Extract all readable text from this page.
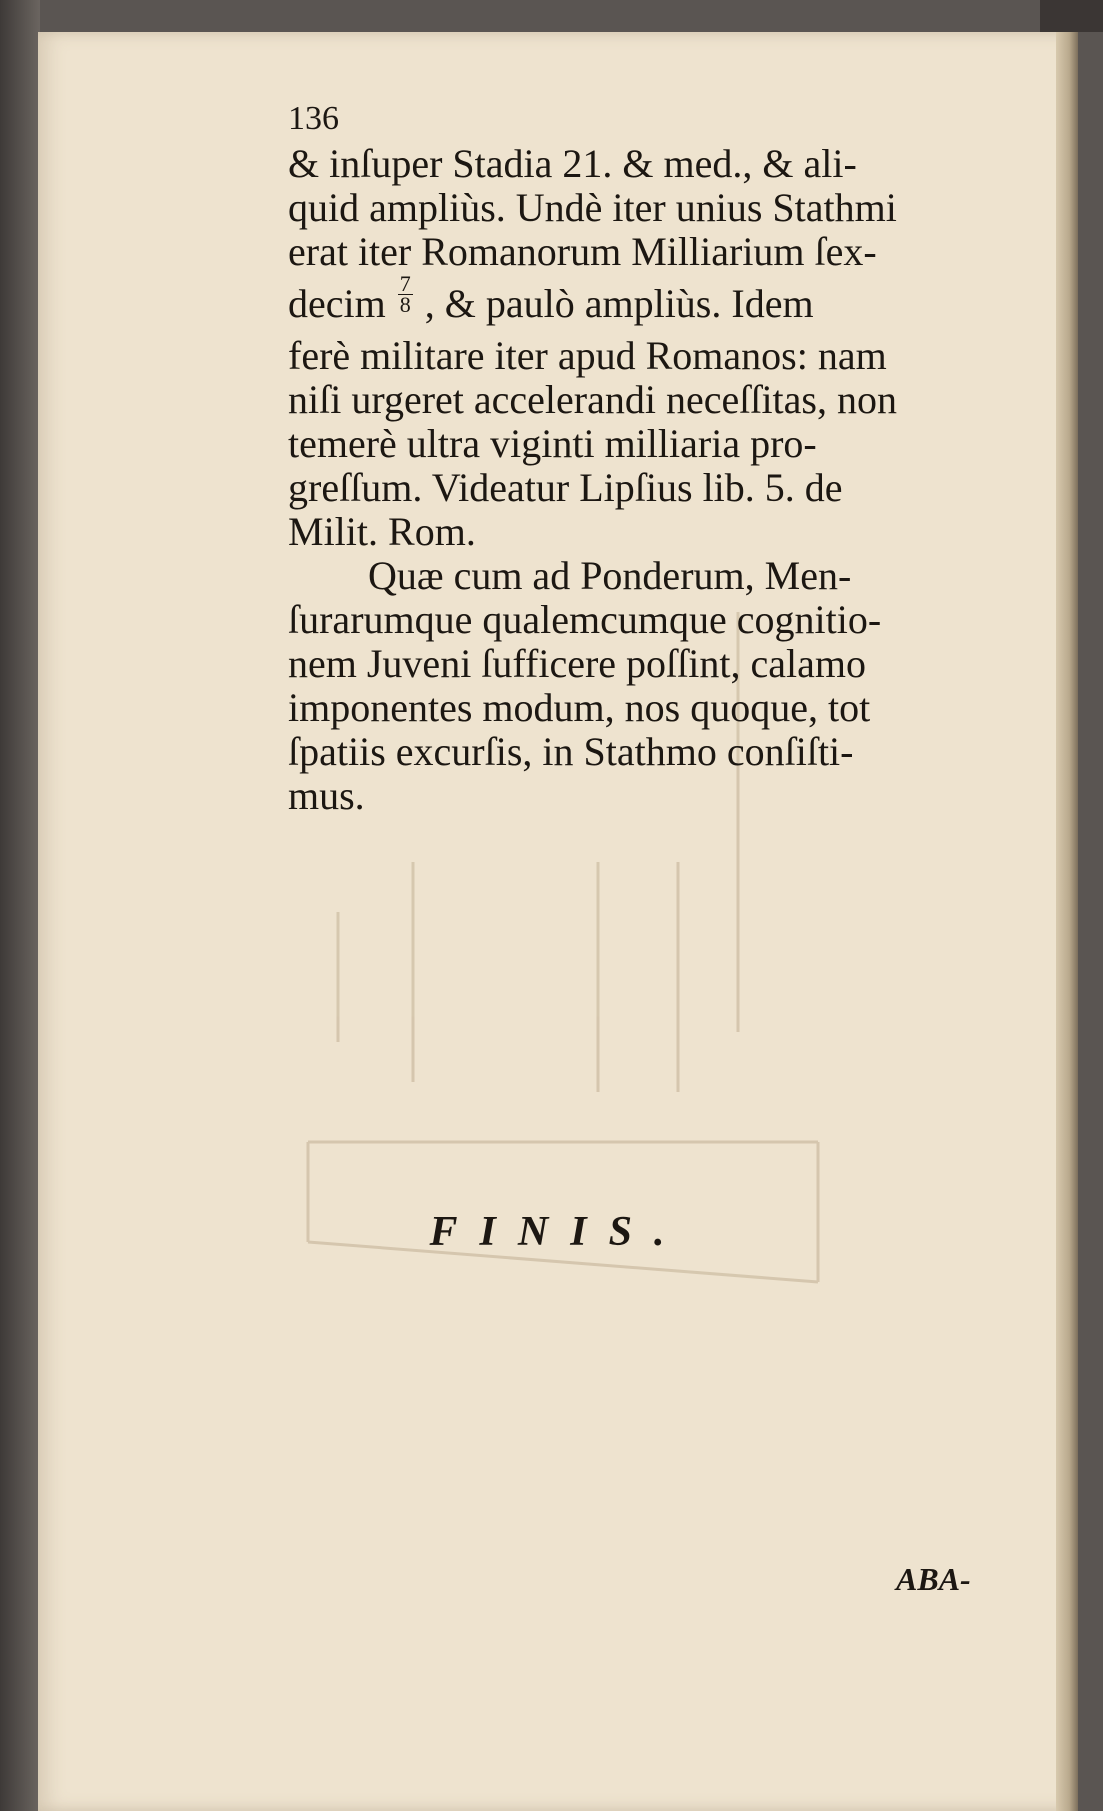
136
& inſuper Stadia 21. & med., & ali-
quid ampliùs. Undè iter unius Stathmi
erat iter Romanorum Milliarium ſex-
decim $\frac{7}{8}$ , & paulò ampliùs. Idem
ferè militare iter apud Romanos: nam
niſi urgeret accelerandi neceſſitas, non
temerè ultra viginti milliaria pro-
greſſum. Videatur Lipſius lib. 5. de
Milit. Rom.
Quæ cum ad Ponderum, Men-
ſurarumque qualemcumque cognitio-
nem Juveni ſufficere poſſint, calamo
imponentes modum, nos quoque, tot
ſpatiis excurſis, in Stathmo conſiſti-
mus.
FINIS.
ABA-
